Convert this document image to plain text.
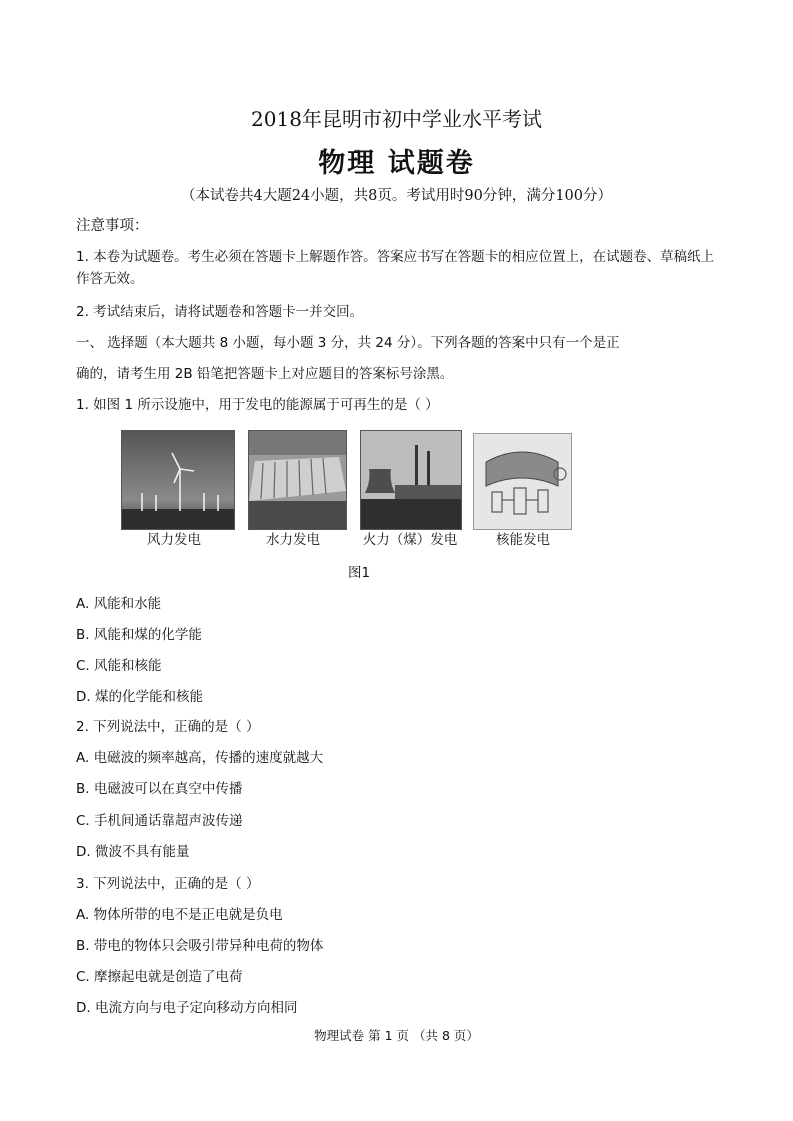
2018年昆明市初中学业水平考试
物理 试题卷
（本试卷共4大题24小题，共8页。考试用时90分钟，满分100分）
注意事项：
1. 本卷为试题卷。考生必须在答题卡上解题作答。答案应书写在答题卡的相应位置上，在试题卷、草稿纸上作答无效。
2. 考试结束后，请将试题卷和答题卡一并交回。
一、 选择题（本大题共 8 小题，每小题 3 分，共 24 分）。下列各题的答案中只有一个是正
确的，请考生用 2B 铅笔把答题卡上对应题目的答案标号涂黑。
1. 如图 1 所示设施中，用于发电的能源属于可再生的是（ ）
风力发电	水力发电	火力（煤）发电	核能发电
图1
A. 风能和水能
B. 风能和煤的化学能
C. 风能和核能
D. 煤的化学能和核能
2. 下列说法中，正确的是（ ）
A. 电磁波的频率越高，传播的速度就越大
B. 电磁波可以在真空中传播
C. 手机间通话靠超声波传递
D. 微波不具有能量
3. 下列说法中，正确的是（ ）
A. 物体所带的电不是正电就是负电
B. 带电的物体只会吸引带异种电荷的物体
C. 摩擦起电就是创造了电荷
D. 电流方向与电子定向移动方向相同
物理试卷 第 1 页 （共 8 页）
